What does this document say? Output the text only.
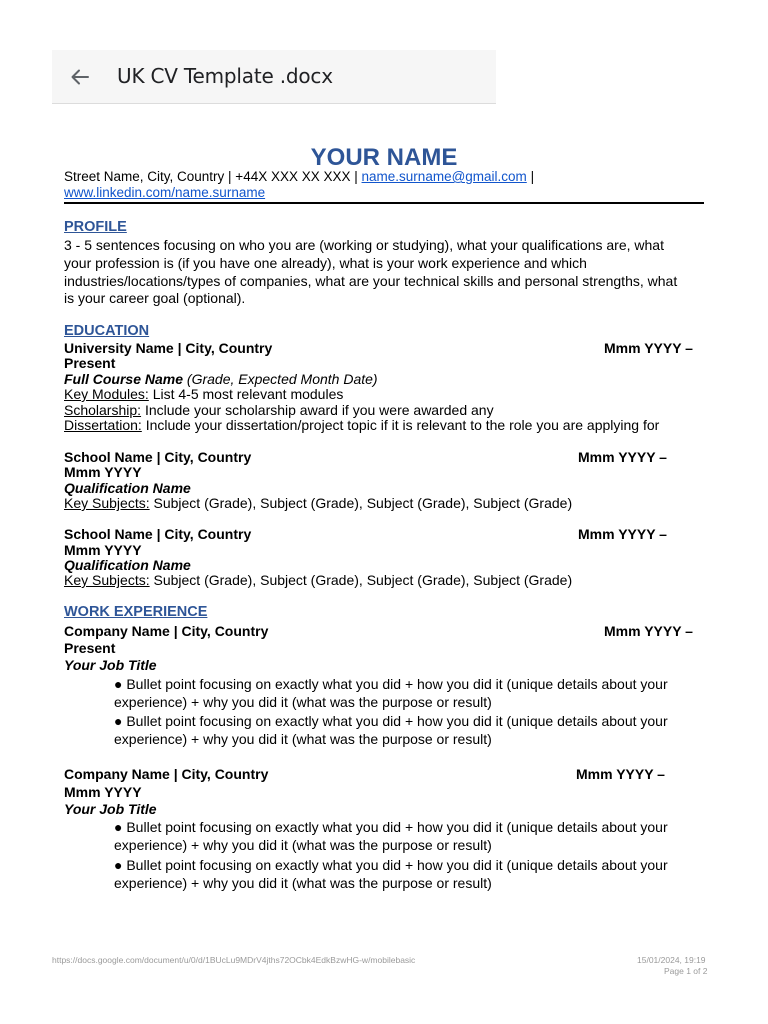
UK CV Template .docx
YOUR NAME
Street Name, City, Country | +44X XXX XX XXX | name.surname@gmail.com |
www.linkedin.com/name.surname
PROFILE
3 - 5 sentences focusing on who you are (working or studying), what your qualifications are, what
your profession is (if you have one already), what is your work experience and which
industries/locations/types of companies, what are your technical skills and personal strengths, what
is your career goal (optional).
EDUCATION
University Name | City, Country	Mmm YYYY –
Present
Full Course Name (Grade, Expected Month Date)
Key Modules: List 4-5 most relevant modules
Scholarship: Include your scholarship award if you were awarded any
Dissertation: Include your dissertation/project topic if it is relevant to the role you are applying for
School Name | City, Country	Mmm YYYY –
Mmm YYYY
Qualification Name
Key Subjects: Subject (Grade), Subject (Grade), Subject (Grade), Subject (Grade)
School Name | City, Country	Mmm YYYY –
Mmm YYYY
Qualification Name
Key Subjects: Subject (Grade), Subject (Grade), Subject (Grade), Subject (Grade)
WORK EXPERIENCE
Company Name | City, Country	Mmm YYYY –
Present
Your Job Title
● Bullet point focusing on exactly what you did + how you did it (unique details about your experience) + why you did it (what was the purpose or result)
● Bullet point focusing on exactly what you did + how you did it (unique details about your experience) + why you did it (what was the purpose or result)
Company Name | City, Country	Mmm YYYY –
Mmm YYYY
Your Job Title
● Bullet point focusing on exactly what you did + how you did it (unique details about your experience) + why you did it (what was the purpose or result)
● Bullet point focusing on exactly what you did + how you did it (unique details about your experience) + why you did it (what was the purpose or result)
https://docs.google.com/document/u/0/d/1BUcLu9MDrV4jths72OCbk4EdkBzwHG-w/mobilebasic	15/01/2024, 19:19
Page 1 of 2
